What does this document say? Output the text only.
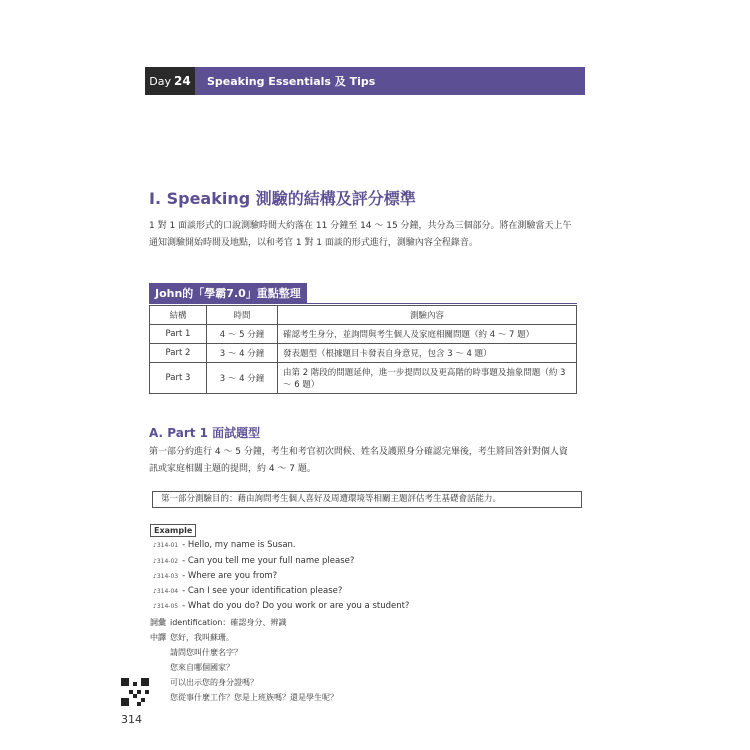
Day 24 Speaking Essentials 及 Tips
I. Speaking 測驗的結構及評分標準
1 對 1 面談形式的口說測驗時間大約落在 11 分鐘至 14 ～ 15 分鐘，共分為三個部分。將在測驗當天上午
通知測驗開始時間及地點，以和考官 1 對 1 面談的形式進行，測驗內容全程錄音。
John的「學霸7.0」重點整理
結構	時間	測驗內容
Part 1	4 ～ 5 分鐘	確認考生身分，並詢問與考生個人及家庭相關問題（約 4 ～ 7 題）
Part 2	3 ～ 4 分鐘	發表題型（根據題目卡發表自身意見，包含 3 ～ 4 題）
Part 3	3 ～ 4 分鐘	由第 2 階段的問題延伸，進一步提問以及更高階的時事題及抽象問題（約 3 ～ 6 題）
A. Part 1 面試題型
第一部分約進行 4 ～ 5 分鐘，考生和考官初次問候、姓名及護照身分確認完畢後，考生將回答針對個人資
訊或家庭相關主題的提問，約 4 ～ 7 題。
第一部分測驗目的：藉由詢問考生個人喜好及周遭環境等相關主題評估考生基礎會話能力。
Example
♪314-01 - Hello, my name is Susan.
♪314-02 - Can you tell me your full name please?
♪314-03 - Where are you from?
♪314-04 - Can I see your identification please?
♪314-05 - What do you do? Do you work or are you a student?
詞彙 identification：確認身分、辨識
中譯 您好，我叫蘇珊。
請問您叫什麼名字？
您來自哪個國家？
可以出示您的身分證嗎？
您從事什麼工作？您是上班族嗎？還是學生呢？
314
